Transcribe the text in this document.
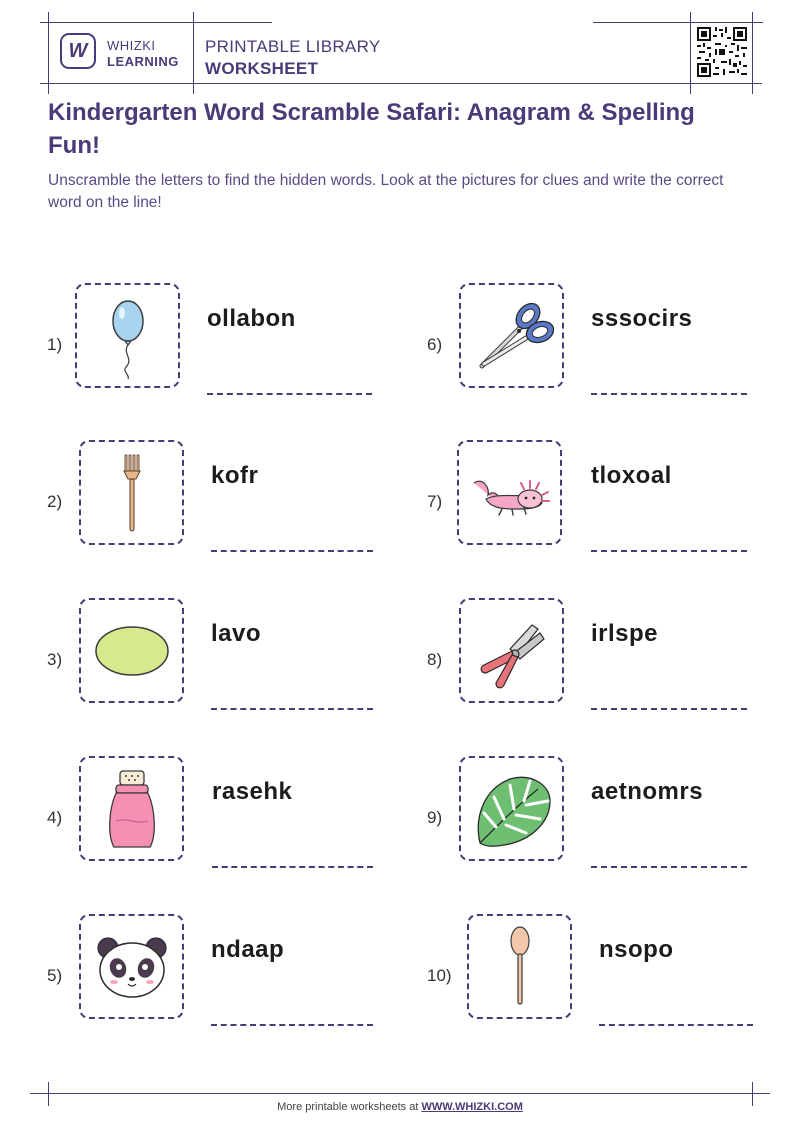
W WHIZKI
LEARNING
PRINTABLE LIBRARY
WORKSHEET
Kindergarten Word Scramble Safari: Anagram & Spelling Fun!
Unscramble the letters to find the hidden words. Look at the pictures for clues and write the correct word on the line!
1)
ollabon
2)
kofr
3)
lavo
4)
rasehk
5)
ndaap
6)
sssocirs
7)
tloxoal
8)
irlspe
9)
aetnomrs
10)
nsopo
More printable worksheets at WWW.WHIZKI.COM
